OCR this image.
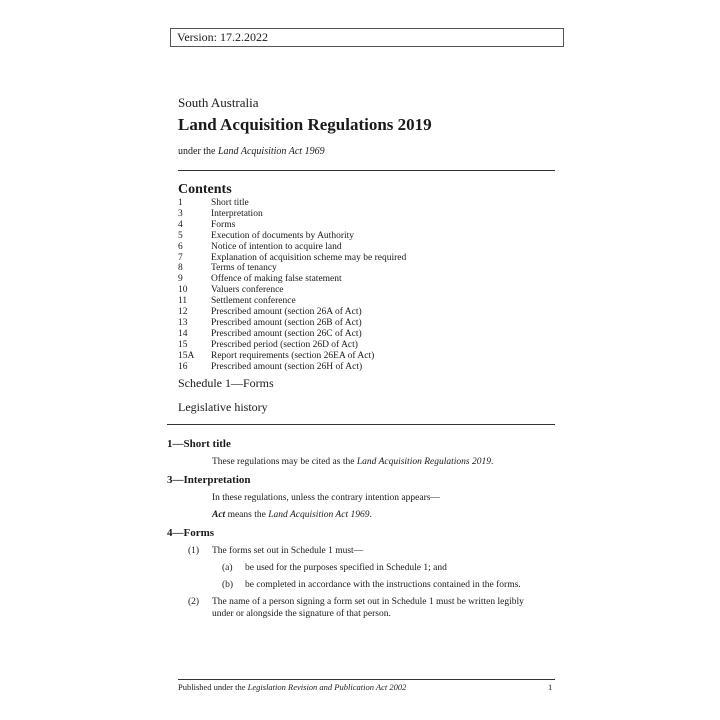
Version: 17.2.2022
South Australia
Land Acquisition Regulations 2019
under the Land Acquisition Act 1969
Contents
1	Short title
3	Interpretation
4	Forms
5	Execution of documents by Authority
6	Notice of intention to acquire land
7	Explanation of acquisition scheme may be required
8	Terms of tenancy
9	Offence of making false statement
10	Valuers conference
11	Settlement conference
12	Prescribed amount (section 26A of Act)
13	Prescribed amount (section 26B of Act)
14	Prescribed amount (section 26C of Act)
15	Prescribed period (section 26D of Act)
15A	Report requirements (section 26EA of Act)
16	Prescribed amount (section 26H of Act)
Schedule 1—Forms
Legislative history
1—Short title
These regulations may be cited as the Land Acquisition Regulations 2019.
3—Interpretation
In these regulations, unless the contrary intention appears—
Act means the Land Acquisition Act 1969.
4—Forms
(1) The forms set out in Schedule 1 must—
(a) be used for the purposes specified in Schedule 1; and
(b) be completed in accordance with the instructions contained in the forms.
(2) The name of a person signing a form set out in Schedule 1 must be written legibly
under or alongside the signature of that person.
Published under the Legislation Revision and Publication Act 2002	1
